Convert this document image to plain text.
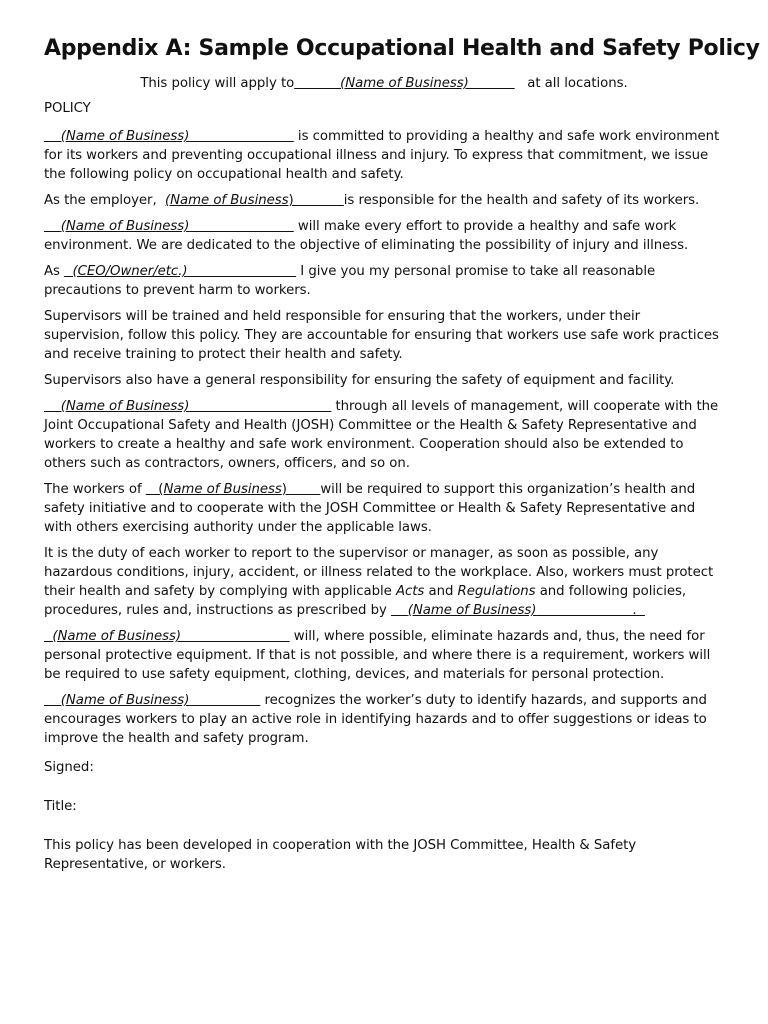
Appendix A: Sample Occupational Health and Safety Policy

This policy will apply to           (Name of Business)              at all locations.

POLICY

(Name of Business)	is committed to providing a healthy and safe work environment for its workers and preventing occupational illness and injury. To express that commitment, we issue the following policy on occupational health and safety.

As the employer,  (Name of Business)            is responsible for the health and safety of its workers.

(Name of Business)	will make every effort to provide a healthy and safe work environment. We are dedicated to the objective of eliminating the possibility of injury and illness.

As   (CEO/Owner/etc.)	I give you my personal promise to take all reasonable precautions to prevent harm to workers.

Supervisors will be trained and held responsible for ensuring that the workers, under their supervision, follow this policy. They are accountable for ensuring that workers use safe work practices and receive training to protect their health and safety.

Supervisors also have a general responsibility for ensuring the safety of equipment and facility.

(Name of Business)	through all levels of management, will cooperate with the Joint Occupational Safety and Health (JOSH) Committee or the Health & Safety Representative and workers to create a healthy and safe work environment. Cooperation should also be extended to others such as contractors, owners, officers, and so on.

The workers of    (Name of Business)        will be required to support this organization’s health and safety initiative and to cooperate with the JOSH Committee or Health & Safety Representative and with others exercising authority under the applicable laws.

It is the duty of each worker to report to the supervisor or manager, as soon as possible, any hazardous conditions, injury, accident, or illness related to the workplace. Also, workers must protect their health and safety by complying with applicable Acts and Regulations and following policies, procedures, rules and, instructions as prescribed by     (Name of Business)                       .

(Name of Business)	will, where possible, eliminate hazards and, thus, the need for personal protective equipment. If that is not possible, and where there is a requirement, workers will be required to use safety equipment, clothing, devices, and materials for personal protection.

(Name of Business)	recognizes the worker’s duty to identify hazards, and supports and encourages workers to play an active role in identifying hazards and to offer suggestions or ideas to improve the health and safety program.

Signed:

Title:

This policy has been developed in cooperation with the JOSH Committee, Health & Safety Representative, or workers.
